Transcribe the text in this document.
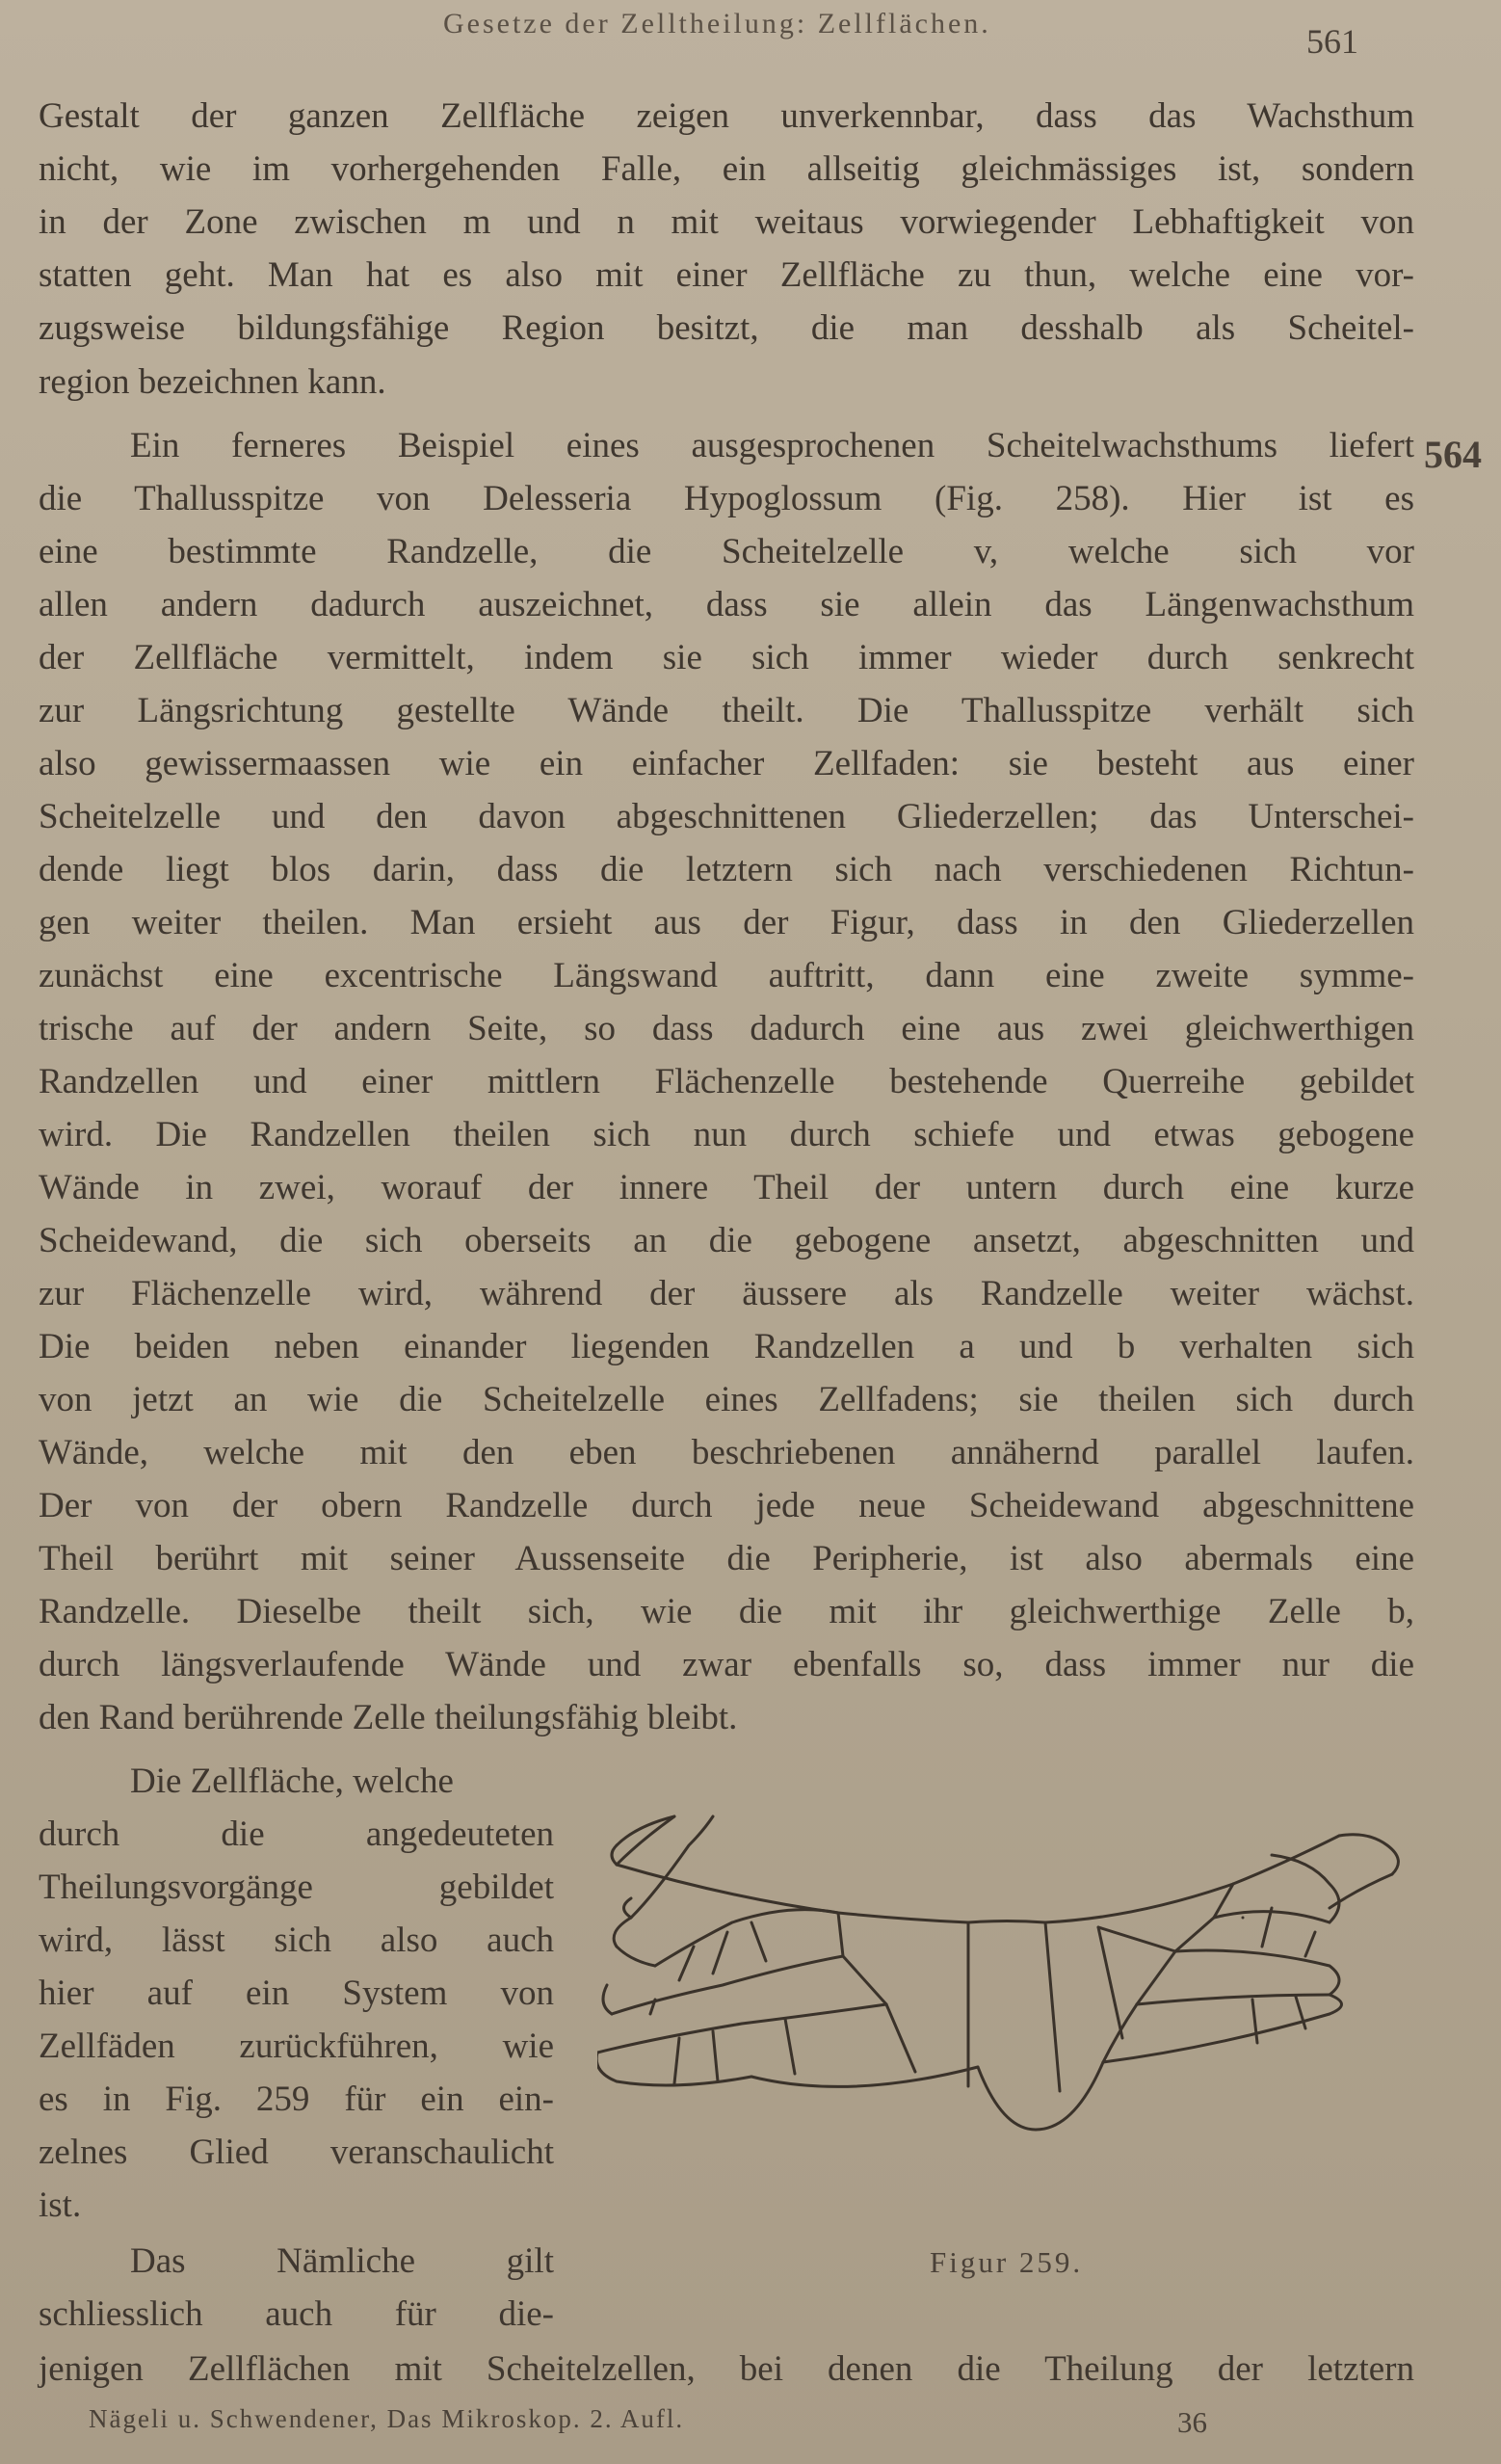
Gesetze der Zelltheilung: Zellflächen.	561
564
Gestalt der ganzen Zellfläche zeigen unverkennbar, dass das Wachsthum
nicht, wie im vorhergehenden Falle, ein allseitig gleichmässiges ist, sondern
in der Zone zwischen m und n mit weitaus vorwiegender Lebhaftigkeit von
statten geht. Man hat es also mit einer Zellfläche zu thun, welche eine vor-
zugsweise bildungsfähige Region besitzt, die man desshalb als Scheitel-
region bezeichnen kann.
Ein ferneres Beispiel eines ausgesprochenen Scheitelwachsthums liefert
die Thallusspitze von Delesseria Hypoglossum (Fig. 258). Hier ist es
eine bestimmte Randzelle, die Scheitelzelle v, welche sich vor
allen andern dadurch auszeichnet, dass sie allein das Längenwachsthum
der Zellfläche vermittelt, indem sie sich immer wieder durch senkrecht
zur Längsrichtung gestellte Wände theilt. Die Thallusspitze verhält sich
also gewissermaassen wie ein einfacher Zellfaden: sie besteht aus einer
Scheitelzelle und den davon abgeschnittenen Gliederzellen; das Unterschei-
dende liegt blos darin, dass die letztern sich nach verschiedenen Richtun-
gen weiter theilen. Man ersieht aus der Figur, dass in den Gliederzellen
zunächst eine excentrische Längswand auftritt, dann eine zweite symme-
trische auf der andern Seite, so dass dadurch eine aus zwei gleichwerthigen
Randzellen und einer mittlern Flächenzelle bestehende Querreihe gebildet
wird. Die Randzellen theilen sich nun durch schiefe und etwas gebogene
Wände in zwei, worauf der innere Theil der untern durch eine kurze
Scheidewand, die sich oberseits an die gebogene ansetzt, abgeschnitten und
zur Flächenzelle wird, während der äussere als Randzelle weiter wächst.
Die beiden neben einander liegenden Randzellen a und b verhalten sich
von jetzt an wie die Scheitelzelle eines Zellfadens; sie theilen sich durch
Wände, welche mit den eben beschriebenen annähernd parallel laufen.
Der von der obern Randzelle durch jede neue Scheidewand abgeschnittene
Theil berührt mit seiner Aussenseite die Peripherie, ist also abermals eine
Randzelle. Dieselbe theilt sich, wie die mit ihr gleichwerthige Zelle b,
durch längsverlaufende Wände und zwar ebenfalls so, dass immer nur die
den Rand berührende Zelle theilungsfähig bleibt.
Die Zellfläche, welche
durch die angedeuteten
Theilungsvorgänge gebildet
wird, lässt sich also auch
hier auf ein System von
Zellfäden zurückführen, wie
es in Fig. 259 für ein ein-
zelnes Glied veranschaulicht
ist.
Das Nämliche gilt
schliesslich auch für die-
jenigen Zellflächen mit Scheitelzellen, bei denen die Theilung der letztern
Figur 259.
Nägeli u. Schwendener, Das Mikroskop. 2. Aufl.	36
